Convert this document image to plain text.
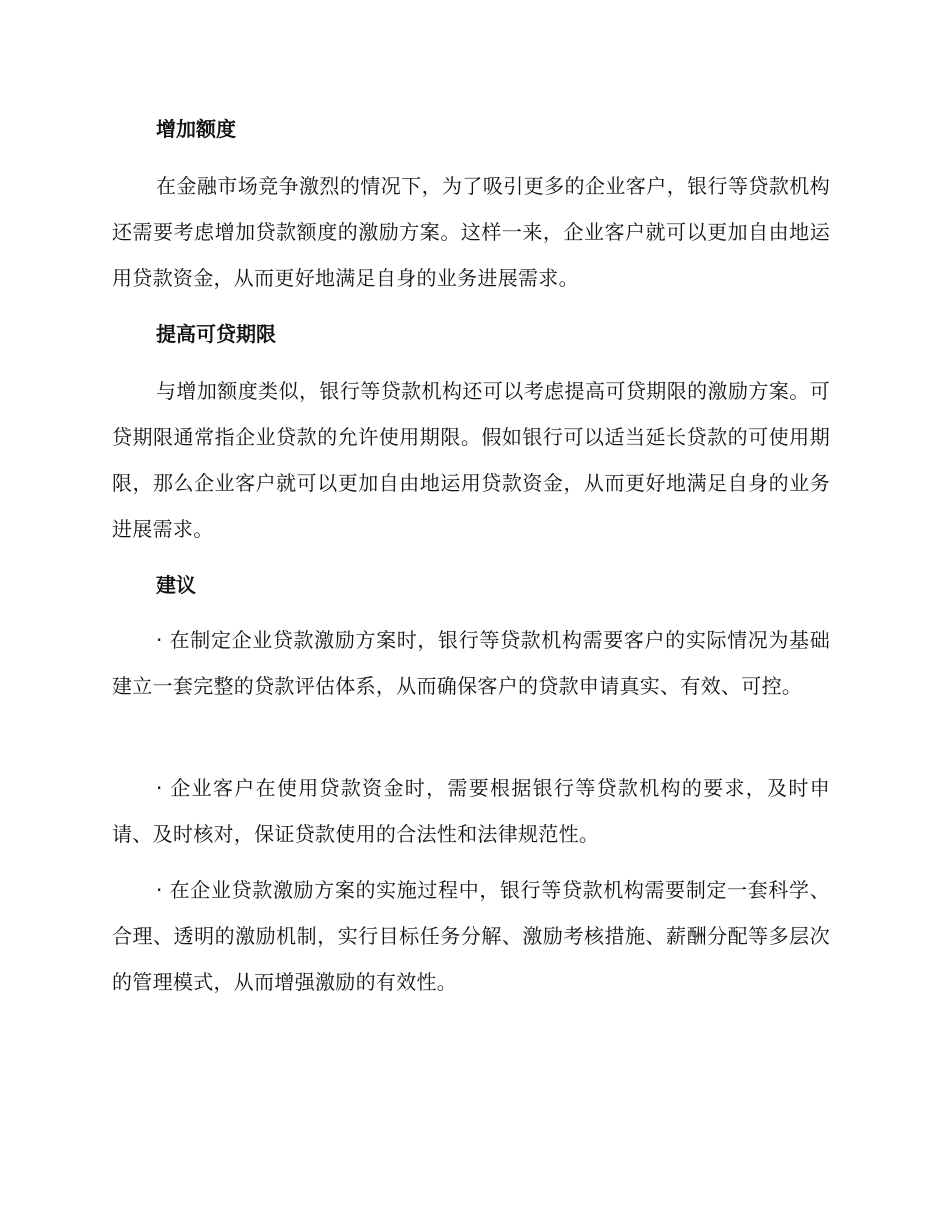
增加额度

在金融市场竞争激烈的情况下，为了吸引更多的企业客户，银行等贷款机构还需要考虑增加贷款额度的激励方案。这样一来，企业客户就可以更加自由地运用贷款资金，从而更好地满足自身的业务进展需求。

提高可贷期限

与增加额度类似，银行等贷款机构还可以考虑提高可贷期限的激励方案。可贷期限通常指企业贷款的允许使用期限。假如银行可以适当延长贷款的可使用期限，那么企业客户就可以更加自由地运用贷款资金，从而更好地满足自身的业务进展需求。

建议

· 在制定企业贷款激励方案时，银行等贷款机构需要客户的实际情况为基础建立一套完整的贷款评估体系，从而确保客户的贷款申请真实、有效、可控。

· 企业客户在使用贷款资金时，需要根据银行等贷款机构的要求，及时申请、及时核对，保证贷款使用的合法性和法律规范性。

· 在企业贷款激励方案的实施过程中，银行等贷款机构需要制定一套科学、合理、透明的激励机制，实行目标任务分解、激励考核措施、薪酬分配等多层次的管理模式，从而增强激励的有效性。
